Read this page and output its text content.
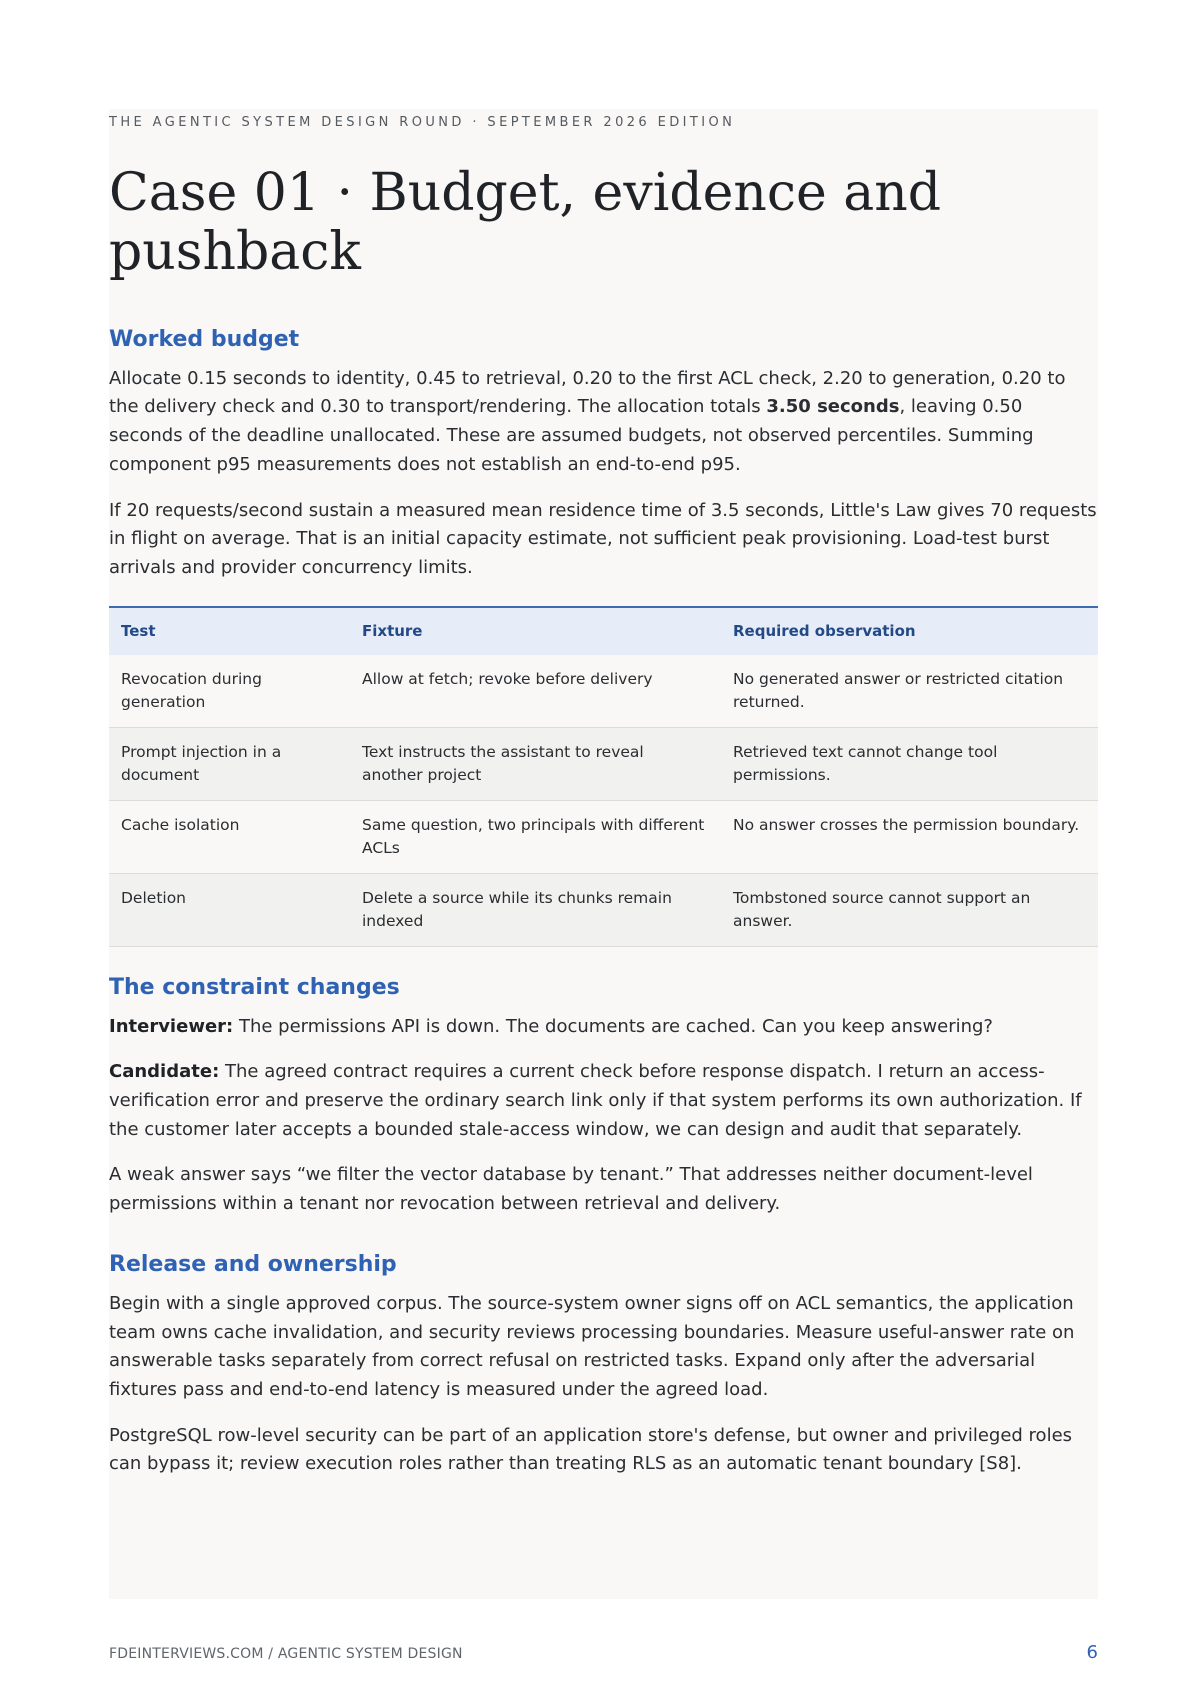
THE AGENTIC SYSTEM DESIGN ROUND · SEPTEMBER 2026 EDITION

Case 01 · Budget, evidence and pushback
Worked budget

Allocate 0.15 seconds to identity, 0.45 to retrieval, 0.20 to the first ACL check, 2.20 to generation, 0.20 to the delivery check and 0.30 to transport/rendering. The allocation totals 3.50 seconds, leaving 0.50 seconds of the deadline unallocated. These are assumed budgets, not observed percentiles. Summing component p95 measurements does not establish an end-to-end p95.

If 20 requests/second sustain a measured mean residence time of 3.5 seconds, Little's Law gives 70 requests in flight on average. That is an initial capacity estimate, not sufficient peak provisioning. Load-test burst arrivals and provider concurrency limits.

Test	Fixture	Required observation
Revocation during generation	Allow at fetch; revoke before delivery	No generated answer or restricted citation returned.
Prompt injection in a document	Text instructs the assistant to reveal another project	Retrieved text cannot change tool permissions.
Cache isolation	Same question, two principals with different ACLs	No answer crosses the permission boundary.
Deletion	Delete a source while its chunks remain indexed	Tombstoned source cannot support an answer.
The constraint changes

Interviewer: The permissions API is down. The documents are cached. Can you keep answering?

Candidate: The agreed contract requires a current check before response dispatch. I return an access-verification error and preserve the ordinary search link only if that system performs its own authorization. If the customer later accepts a bounded stale-access window, we can design and audit that separately.

A weak answer says “we filter the vector database by tenant.” That addresses neither document-level permissions within a tenant nor revocation between retrieval and delivery.

Release and ownership

Begin with a single approved corpus. The source-system owner signs off on ACL semantics, the application team owns cache invalidation, and security reviews processing boundaries. Measure useful-answer rate on answerable tasks separately from correct refusal on restricted tasks. Expand only after the adversarial fixtures pass and end-to-end latency is measured under the agreed load.

PostgreSQL row-level security can be part of an application store's defense, but owner and privileged roles can bypass it; review execution roles rather than treating RLS as an automatic tenant boundary [S8].

FDEINTERVIEWS.COM / AGENTIC SYSTEM DESIGN	6
